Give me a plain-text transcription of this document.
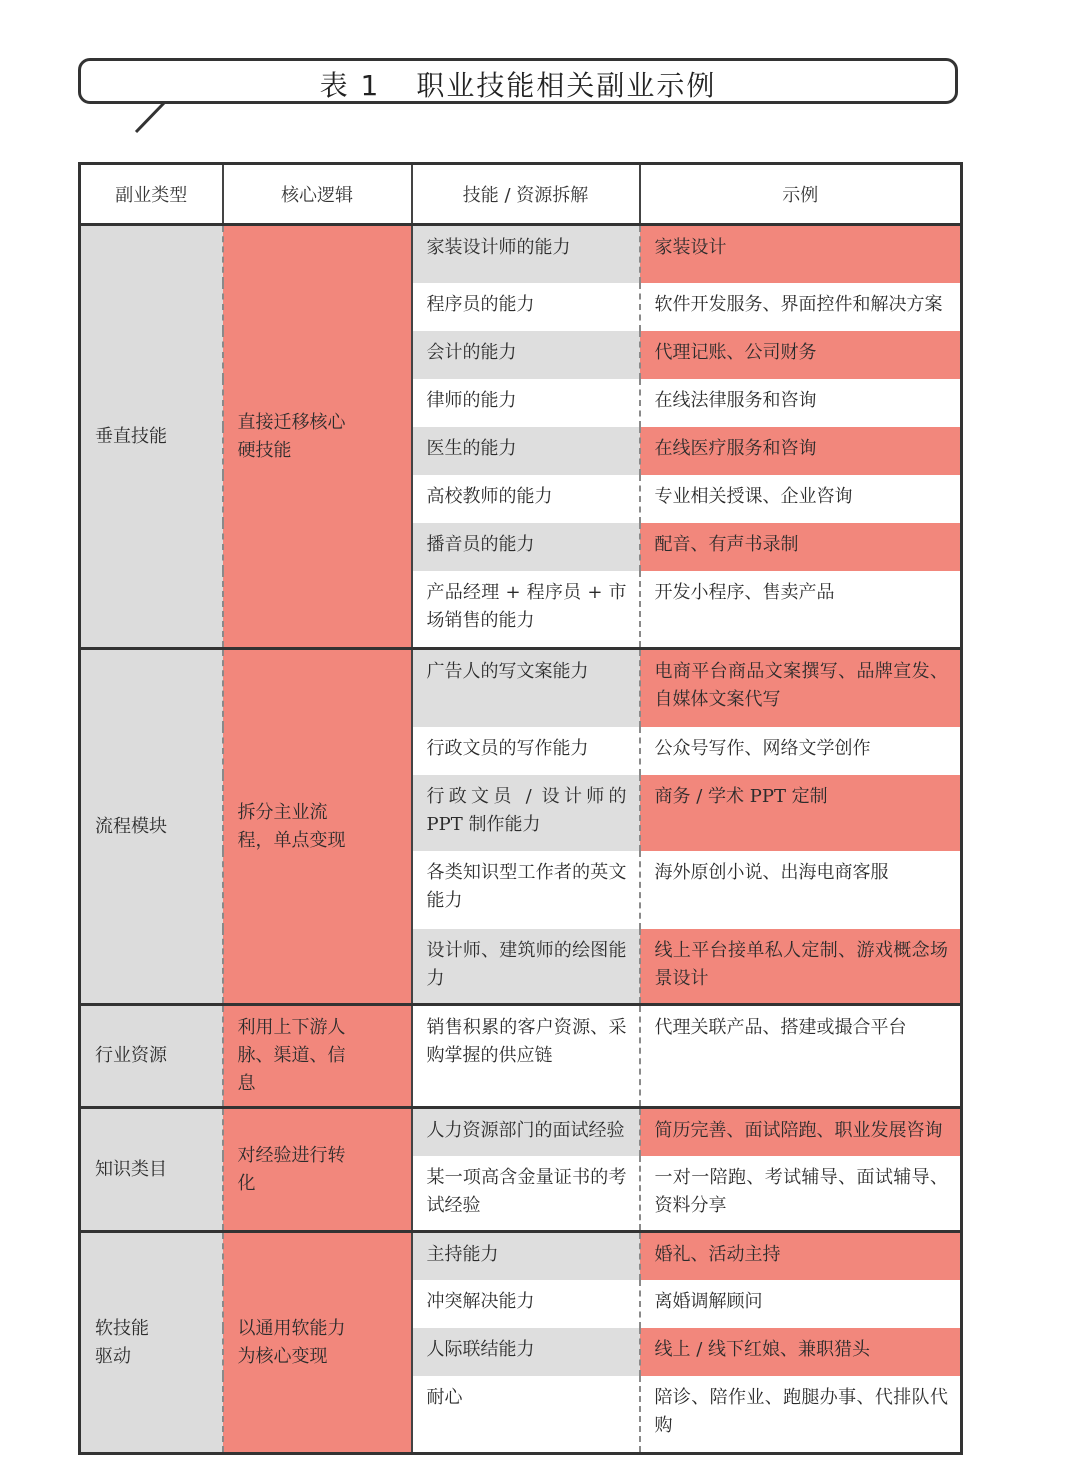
表 1 职业技能相关副业示例
副业类型	核心逻辑	技能 / 资源拆解	示例
垂直技能	直接迁移核心硬技能	家装设计师的能力	家装设计
		程序员的能力	软件开发服务、界面控件和解决方案
		会计的能力	代理记账、公司财务
		律师的能力	在线法律服务和咨询
		医生的能力	在线医疗服务和咨询
		高校教师的能力	专业相关授课、企业咨询
		播音员的能力	配音、有声书录制
		产品经理 + 程序员 + 市场销售的能力	开发小程序、售卖产品
流程模块	拆分主业流程，单点变现	广告人的写文案能力	电商平台商品文案撰写、品牌宣发、自媒体文案代写
		行政文员的写作能力	公众号写作、网络文学创作
		行政文员 / 设计师的 PPT 制作能力	商务 / 学术 PPT 定制
		各类知识型工作者的英文能力	海外原创小说、出海电商客服
		设计师、建筑师的绘图能力	线上平台接单私人定制、游戏概念场景设计
行业资源	利用上下游人脉、渠道、信息	销售积累的客户资源、采购掌握的供应链	代理关联产品、搭建或撮合平台
知识类目	对经验进行转化	人力资源部门的面试经验	简历完善、面试陪跑、职业发展咨询
		某一项高含金量证书的考试经验	一对一陪跑、考试辅导、面试辅导、资料分享
软技能驱动	以通用软能力为核心变现	主持能力	婚礼、活动主持
		冲突解决能力	离婚调解顾问
		人际联结能力	线上 / 线下红娘、兼职猎头
		耐心	陪诊、陪作业、跑腿办事、代排队代购
